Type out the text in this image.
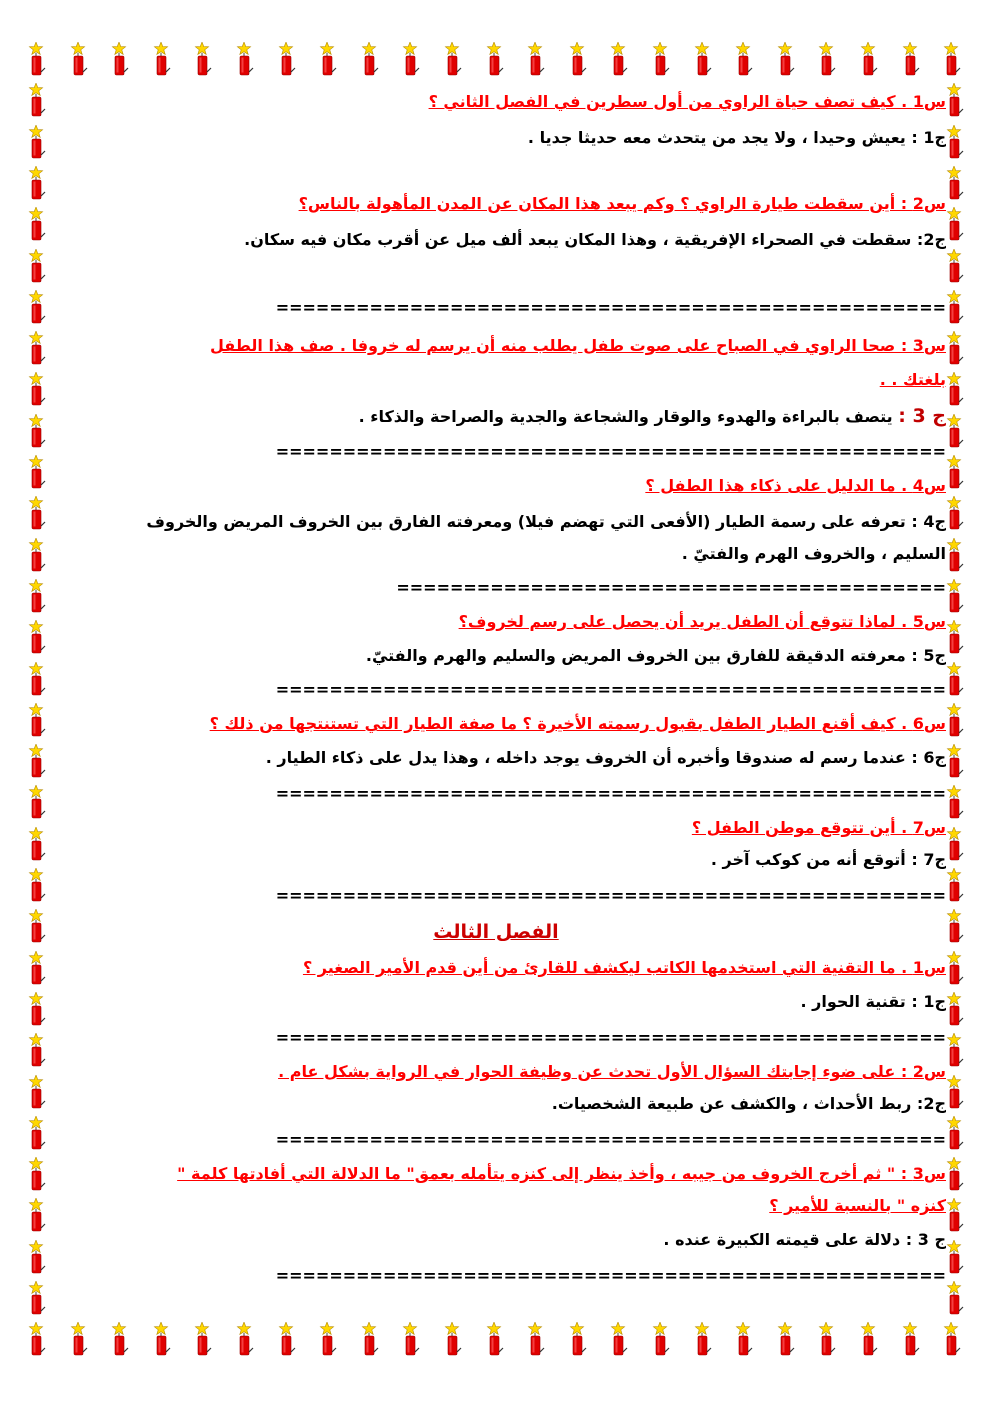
س1 . كيف تصف حياة الراوي من أول سطرين في الفصل الثاني ؟
ج1 : يعيش وحيدا ، ولا يجد من يتحدث معه حديثا جديا .
س2 : أين سقطت طيارة الراوي ؟ وكم يبعد هذا المكان عن المدن المأهولة بالناس؟
ج2: سقطت في الصحراء الإفريقية ، وهذا المكان يبعد ألف ميل عن أقرب مكان فيه سكان.
==================================================
س3 : صحا الراوي في الصباح على صوت طفل يطلب منه أن يرسم له خروفا . صف هذا الطفل
بلغتك . .
ج 3 : يتصف بالبراءة والهدوء والوقار والشجاعة والجدية والصراحة والذكاء .
==================================================
س4 . ما الدليل على ذكاء هذا الطفل ؟
ج4 : تعرفه على رسمة الطيار (الأفعى التي تهضم فيلا) ومعرفته الفارق بين الخروف المريض والخروف
السليم ، والخروف الهرم والفتيّ .
=========================================
س5 . لماذا تتوقع أن الطفل يريد أن يحصل على رسم لخروف؟
ج5 : معرفته الدقيقة للفارق بين الخروف المريض والسليم والهرم والفتيّ.
==================================================
س6 . كيف أقنع الطيار الطفل بقبول رسمته الأخيرة ؟ ما صفة الطيار التي تستنتجها من ذلك ؟
ج6 : عندما رسم له صندوقا وأخبره أن الخروف يوجد داخله ، وهذا يدل على ذكاء الطيار .
==================================================
س7 . أين تتوقع موطن الطفل ؟
ج7 : أتوقع أنه من كوكب آخر .
==================================================
الفصل الثالث
س1 . ما التقنية التي استخدمها الكاتب ليكشف للقارئ من أين قدم الأمير الصغير ؟
ج1 : تقنية الحوار .
==================================================
س2 : على ضوء إجابتك السؤال الأول تحدث عن وظيفة الحوار في الرواية بشكل عام .
ج2: ربط الأحداث ، والكشف عن طبيعة الشخصيات.
==================================================
س3 : " ثم أخرج الخروف من جيبه ، وأخذ ينظر إلى كنزه يتأمله بعمق" ما الدلالة التي أفادتها كلمة "
كنزه " بالنسبة للأمير ؟
ج 3 : دلالة على قيمته الكبيرة عنده .
==================================================
